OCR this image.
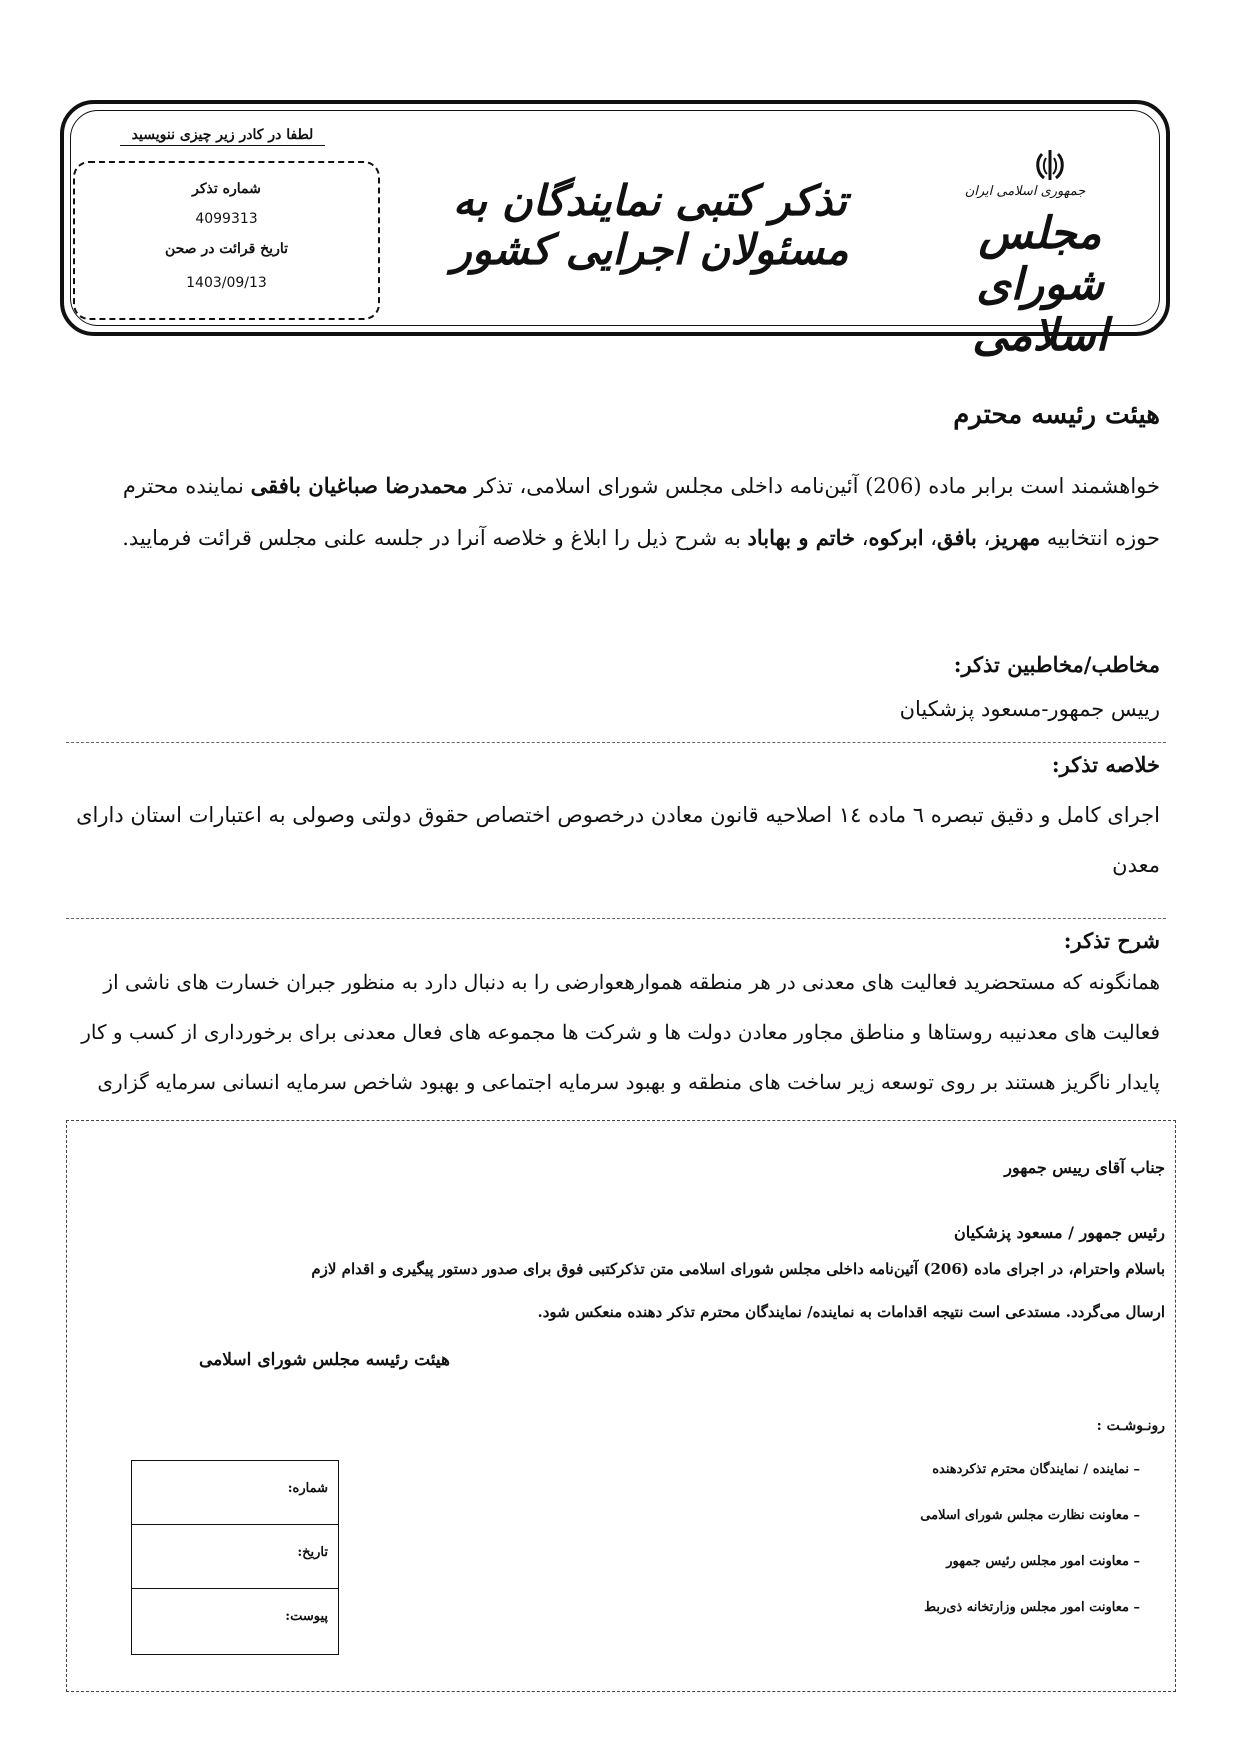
لطفا در کادر زیر چیزی ننویسید
شماره تذکر
4099313
تاریخ قرائت در صحن
1403/09/13
تذکر کتبی نمایندگان به مسئولان اجرایی کشور
جمهوری اسلامی ایران
مجلس شورای اسلامی
هیئت رئیسه محترم
خواهشمند است برابر ماده (206) آئین‌نامه داخلی مجلس شورای اسلامی، تذکر محمدرضا صباغیان بافقی نماینده محترم حوزه انتخابیه مهریز، بافق، ابرکوه، خاتم و بهاباد به شرح ذیل را ابلاغ و خلاصه آنرا در جلسه علنی مجلس قرائت فرمایید.
مخاطب/مخاطبین تذکر:
رییس جمهور-مسعود پزشکیان
خلاصه تذکر:
اجرای کامل و دقیق تبصره ٦ ماده ١٤ اصلاحیه قانون معادن درخصوص اختصاص حقوق دولتی وصولی به اعتبارات استان دارای معدن
شرح تذکر:
همانگونه که مستحضرید فعالیت های معدنی در هر منطقه هموارهعوارضی را به دنبال دارد به منظور جبران خسارت های ناشی از
فعالیت های معدنیبه روستاها و مناطق مجاور معادن دولت ها و شرکت ها مجموعه های فعال معدنی برای برخورداری از کسب و کار
پایدار ناگریز هستند بر روی توسعه زیر ساخت های منطقه و بهبود سرمایه اجتماعی و بهبود شاخص سرمایه انسانی سرمایه گزاری
جناب آقای رییس جمهور
رئیس جمهور / مسعود پزشکیان
باسلام واحترام، در اجرای ماده (206) آئین‌نامه داخلی مجلس شورای اسلامی متن تذکرکتبی فوق برای صدور دستور پیگیری و اقدام لازم
ارسال می‌گردد. مستدعی است نتیجه اقدامات به نماینده/ نمایندگان محترم تذکر دهنده منعکس شود.
هیئت رئیسه مجلس شورای اسلامی
رونـوشـت :
– نماینده / نمایندگان محترم تذکردهنده
– معاونت نظارت مجلس شورای اسلامی
– معاونت امور مجلس رئیس جمهور
– معاونت امور مجلس وزارتخانه ذی‌ربط
شماره:
تاریخ:
پیوست:
